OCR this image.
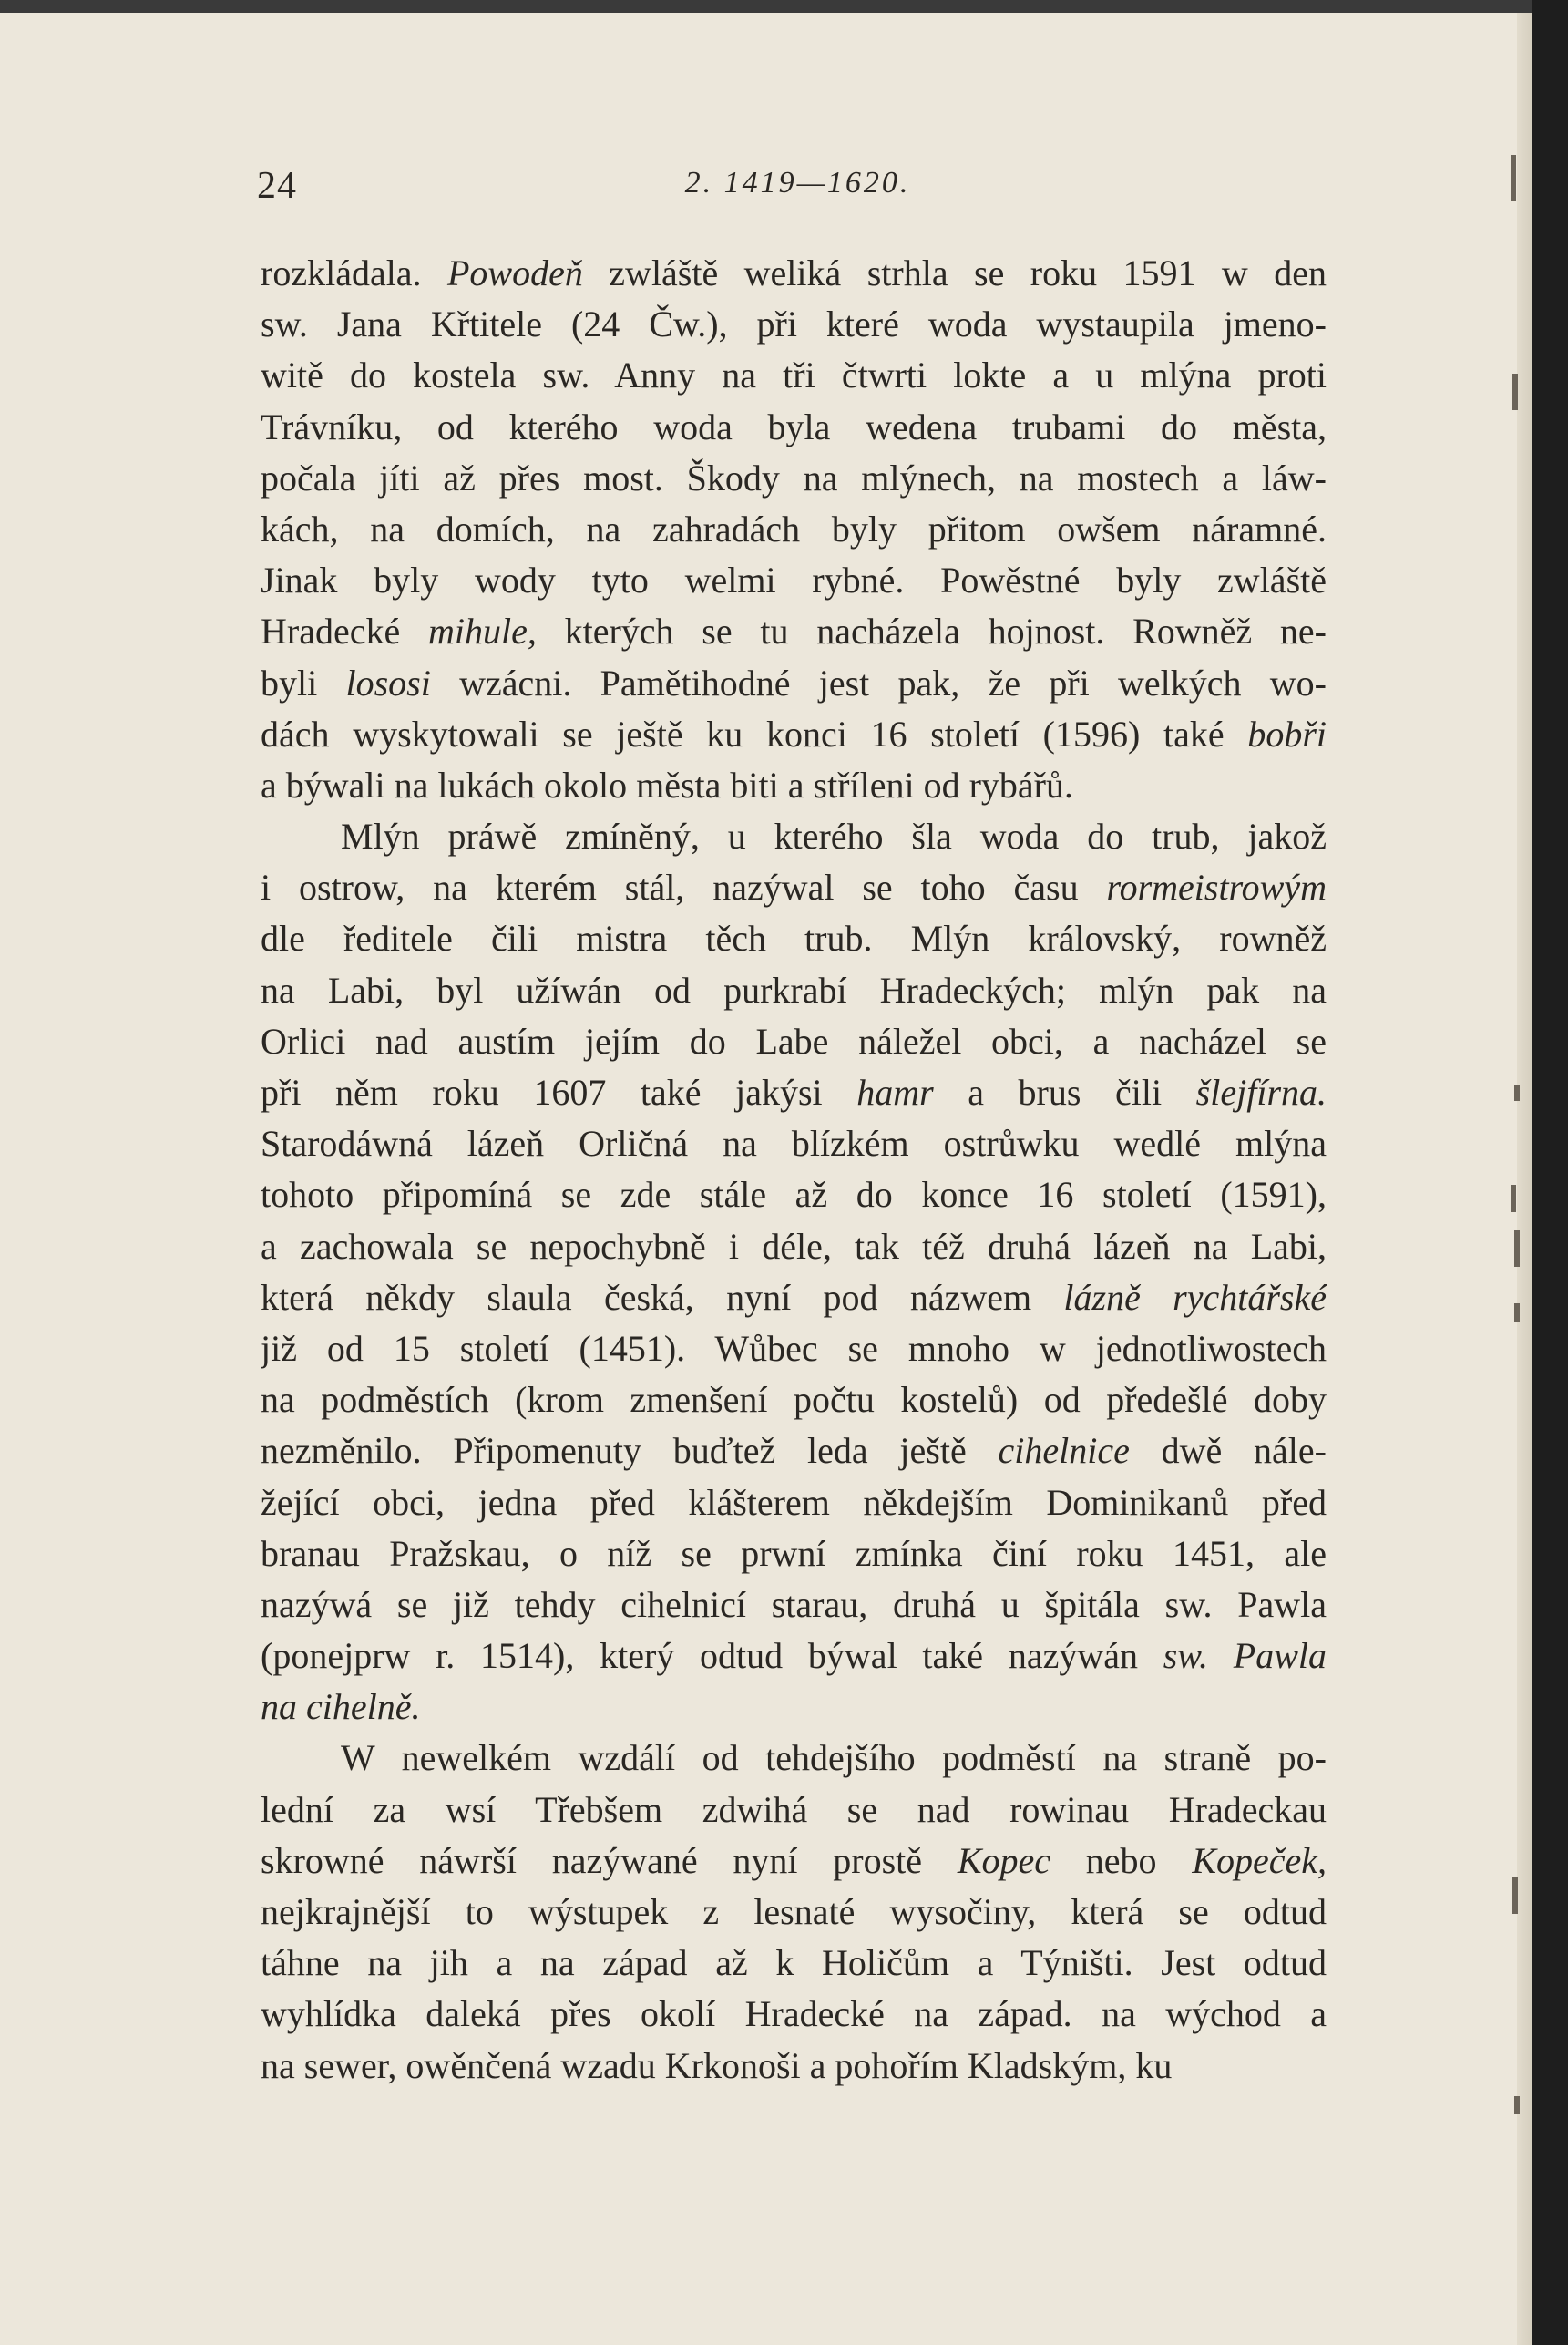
24	2. 1419—1620.
rozkládala. Powodeň zwláště weliká strhla se roku 1591 w den
sw. Jana Křtitele (24 Čw.), při které woda wystaupila jmeno-
witě do kostela sw. Anny na tři čtwrti lokte a u mlýna proti
Trávníku, od kterého woda byla wedena trubami do města,
počala jíti až přes most. Škody na mlýnech, na mostech a láw-
kách, na domích, na zahradách byly přitom owšem náramné.
Jinak byly wody tyto welmi rybné. Powěstné byly zwláště
Hradecké mihule, kterých se tu nacházela hojnost. Rowněž ne-
byli lososi wzácni. Pamětihodné jest pak, že při welkých wo-
dách wyskytowali se ještě ku konci 16 století (1596) také bobři
a býwali na lukách okolo města biti a stříleni od rybářů.
Mlýn práwě zmíněný, u kterého šla woda do trub, jakož
i ostrow, na kterém stál, nazýwal se toho času rormeistrowým
dle ředitele čili mistra těch trub. Mlýn královský, rowněž
na Labi, byl užíwán od purkrabí Hradeckých; mlýn pak na
Orlici nad austím jejím do Labe náležel obci, a nacházel se
při něm roku 1607 také jakýsi hamr a brus čili šlejfírna.
Starodáwná lázeň Orličná na blízkém ostrůwku wedlé mlýna
tohoto připomíná se zde stále až do konce 16 století (1591),
a zachowala se nepochybně i déle, tak též druhá lázeň na Labi,
která někdy slaula česká, nyní pod názwem lázně rychtářské
již od 15 století (1451). Wůbec se mnoho w jednotliwostech
na podměstích (krom zmenšení počtu kostelů) od předešlé doby
nezměnilo. Připomenuty buďtež leda ještě cihelnice dwě nále-
žející obci, jedna před klášterem někdejším Dominikanů před
branau Pražskau, o níž se prwní zmínka činí roku 1451, ale
nazýwá se již tehdy cihelnicí starau, druhá u špitála sw. Pawla
(ponejprw r. 1514), který odtud býwal také nazýwán sw. Pawla
na cihelně.
W newelkém wzdálí od tehdejšího podměstí na straně po-
lední za wsí Třebšem zdwihá se nad rowinau Hradeckau
skrowné náwrší nazýwané nyní prostě Kopec nebo Kopeček,
nejkrajnější to wýstupek z lesnaté wysočiny, která se odtud
táhne na jih a na západ až k Holičům a Týništi. Jest odtud
wyhlídka daleká přes okolí Hradecké na západ. na wýchod a
na sewer, owěnčená wzadu Krkonoši a pohořím Kladským, ku
